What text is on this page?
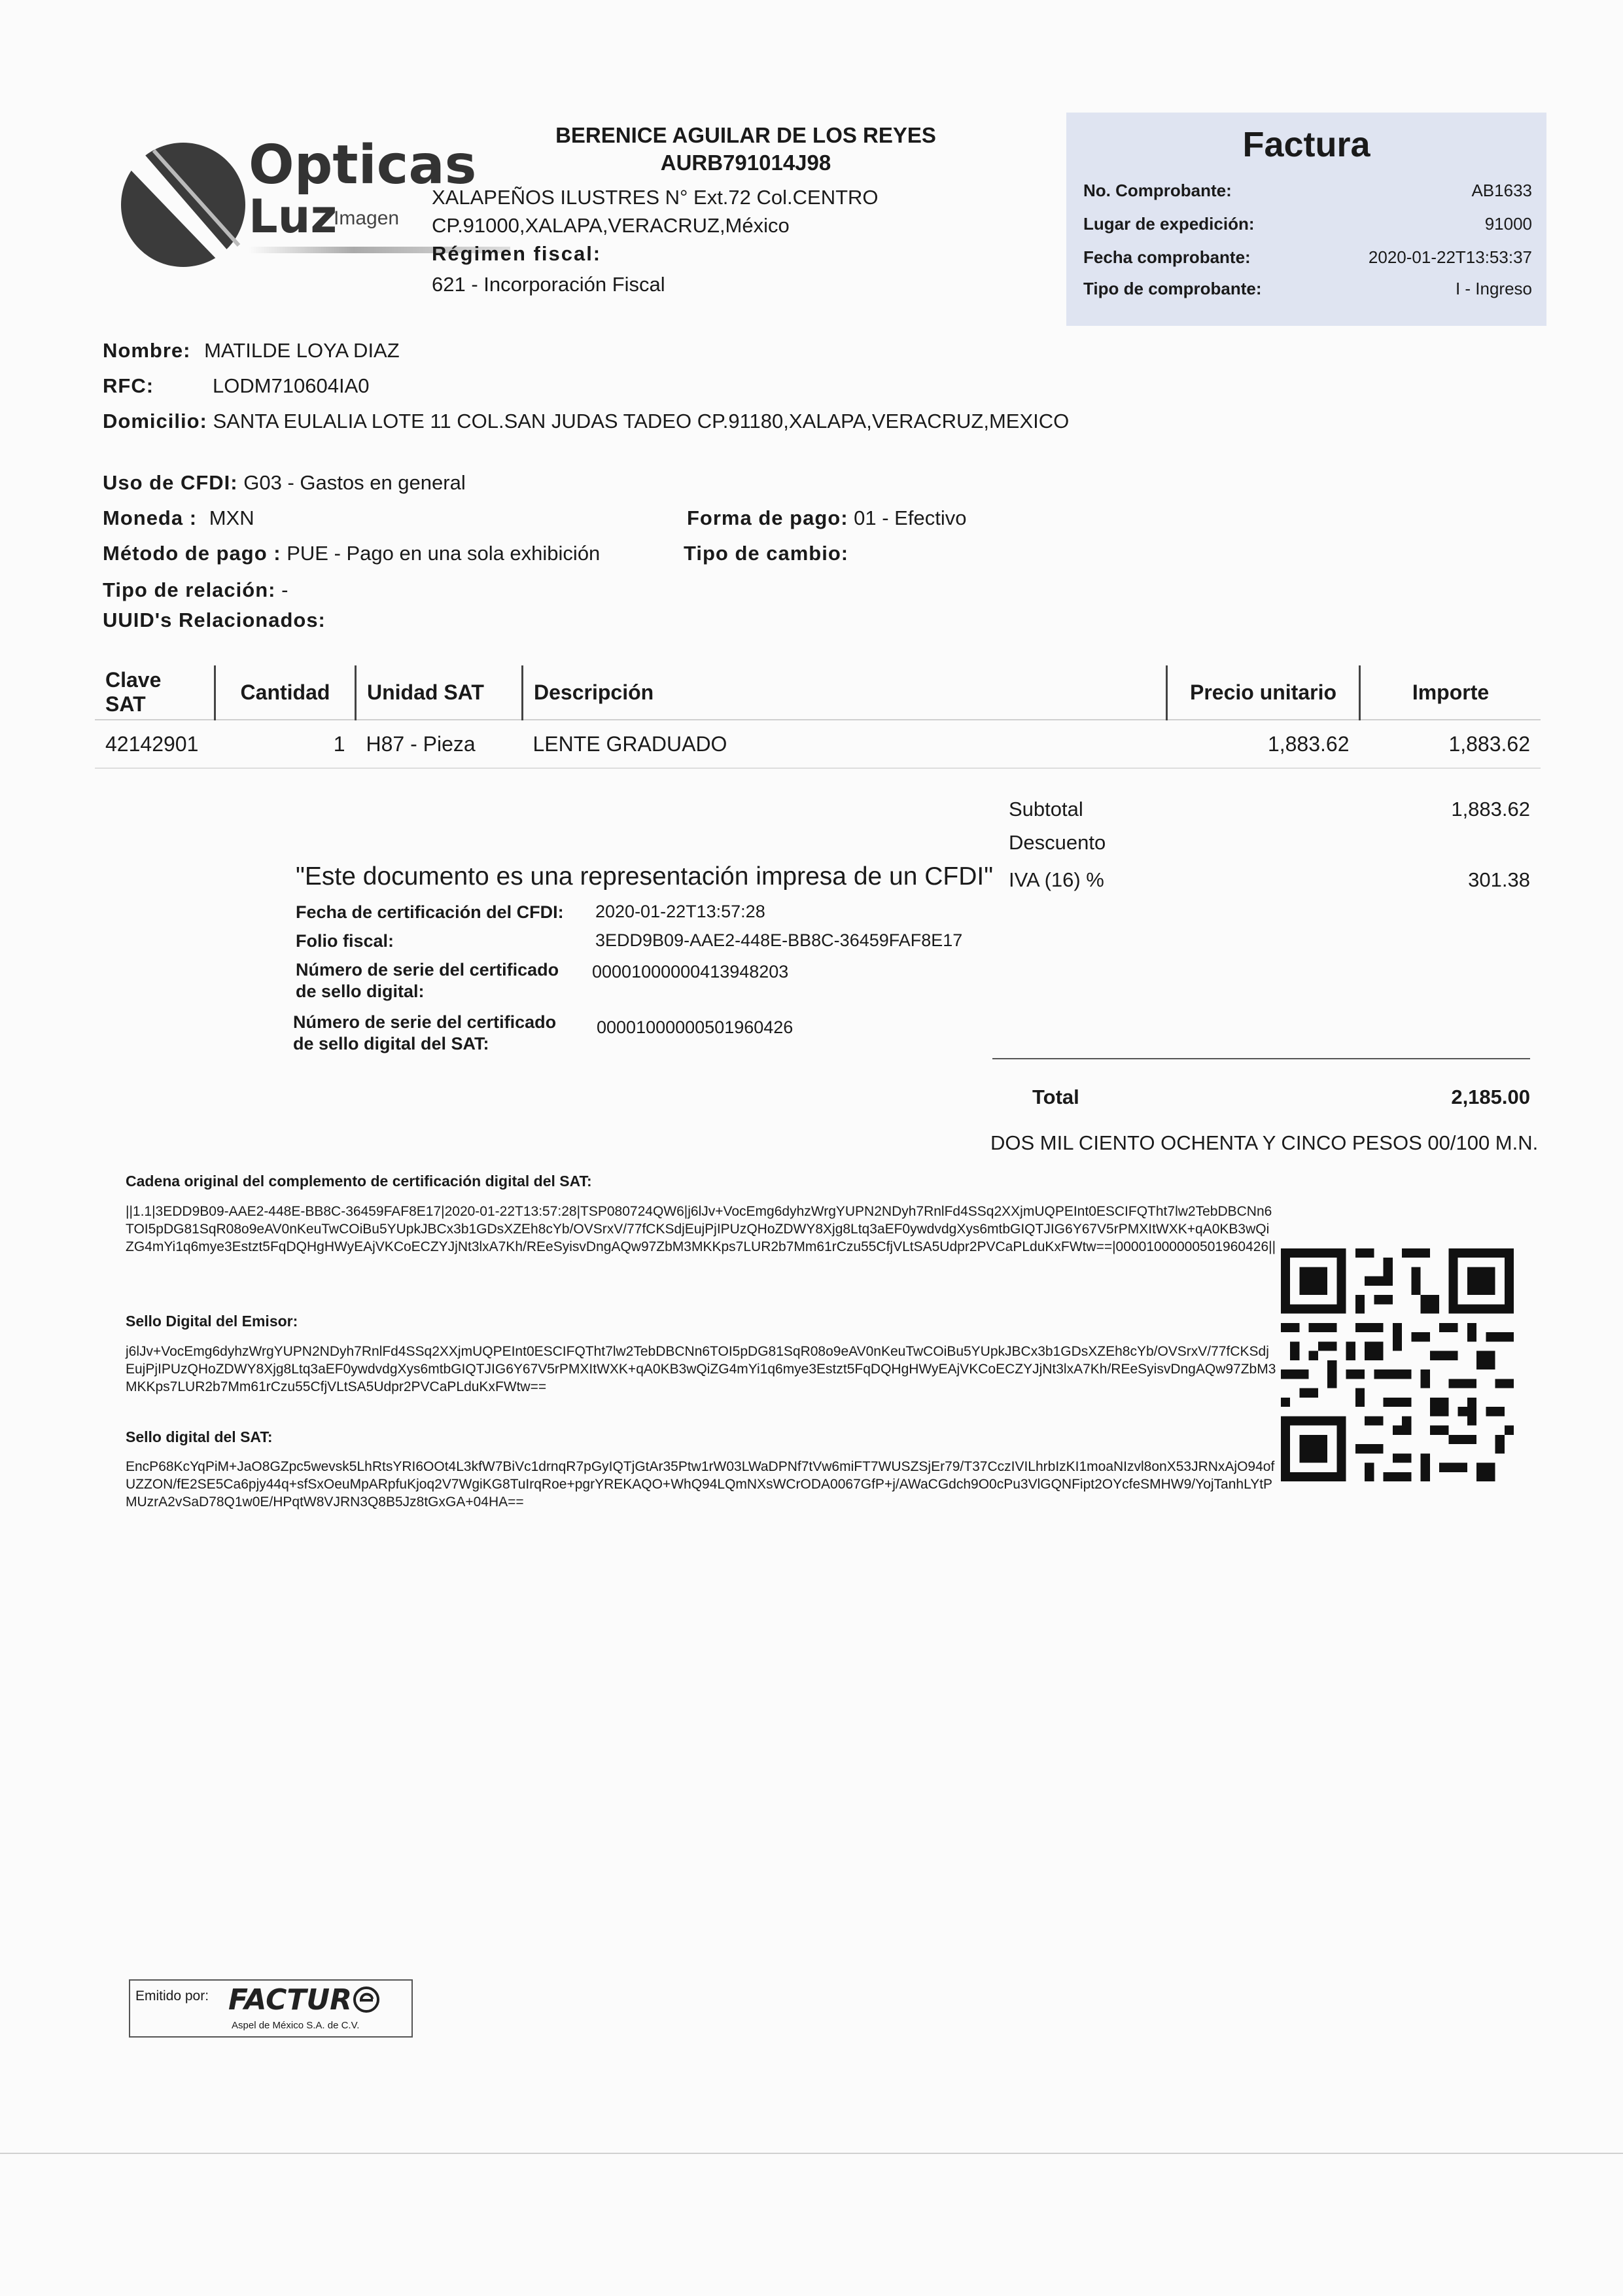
Opticas
Luz
Imagen
BERENICE AGUILAR DE LOS REYES
AURB791014J98
XALAPEÑOS ILUSTRES N° Ext.72 Col.CENTRO
CP.91000,XALAPA,VERACRUZ,México
Régimen fiscal:
621 - Incorporación Fiscal
Factura
No. Comprobante:	AB1633
Lugar de expedición:	91000
Fecha comprobante:	2020-01-22T13:53:37
Tipo de comprobante:	I - Ingreso
Nombre: MATILDE LOYA DIAZ
RFC:	LODM710604IA0
Domicilio: SANTA EULALIA LOTE 11 COL.SAN JUDAS TADEO CP.91180,XALAPA,VERACRUZ,MEXICO
Uso de CFDI: G03 - Gastos en general
Moneda : MXN	Forma de pago: 01 - Efectivo
Método de pago : PUE - Pago en una sola exhibición	Tipo de cambio:
Tipo de relación: -
UUID's Relacionados:
Clave SAT	Cantidad	Unidad SAT	Descripción	Precio unitario	Importe
42142901	1	H87 - Pieza	LENTE GRADUADO	1,883.62	1,883.62
Subtotal	1,883.62
Descuento
IVA (16) %	301.38
Total	2,185.00
DOS MIL CIENTO OCHENTA Y CINCO PESOS 00/100 M.N.
"Este documento es una representación impresa de un CFDI"
Fecha de certificación del CFDI: 2020-01-22T13:57:28
Folio fiscal:	3EDD9B09-AAE2-448E-BB8C-36459FAF8E17
Número de serie del certificado
de sello digital:
00001000000413948203
Número de serie del certificado
de sello digital del SAT:
00001000000501960426
Cadena original del complemento de certificación digital del SAT:
||1.1|3EDD9B09-AAE2-448E-BB8C-36459FAF8E17|2020-01-22T13:57:28|TSP080724QW6|j6lJv+VocEmg6dyhzWrgYUPN2NDyh7RnlFd4SSq2XXjmUQPEInt0ESCIFQTht7lw2TebDBCNn6TOI5pDG81SqR08o9eAV0nKeuTwCOiBu5YUpkJBCx3b1GDsXZEh8cYb/OVSrxV/77fCKSdjEujPjIPUzQHoZDWY8Xjg8Ltq3aEF0ywdvdgXys6mtbGIQTJIG6Y67V5rPMXItWXK+qA0KB3wQiZG4mYi1q6mye3Estzt5FqDQHgHWyEAjVKCoECZYJjNt3lxA7Kh/REeSyisvDngAQw97ZbM3MKKps7LUR2b7Mm61rCzu55CfjVLtSA5Udpr2PVCaPLduKxFWtw==|00001000000501960426||
Sello Digital del Emisor:
j6lJv+VocEmg6dyhzWrgYUPN2NDyh7RnlFd4SSq2XXjmUQPEInt0ESCIFQTht7lw2TebDBCNn6TOI5pDG81SqR08o9eAV0nKeuTwCOiBu5YUpkJBCx3b1GDsXZEh8cYb/OVSrxV/77fCKSdjEujPjIPUzQHoZDWY8Xjg8Ltq3aEF0ywdvdgXys6mtbGIQTJIG6Y67V5rPMXItWXK+qA0KB3wQiZG4mYi1q6mye3Estzt5FqDQHgHWyEAjVKCoECZYJjNt3lxA7Kh/REeSyisvDngAQw97ZbM3MKKps7LUR2b7Mm61rCzu55CfjVLtSA5Udpr2PVCaPLduKxFWtw==
Sello digital del SAT:
EncP68KcYqPiM+JaO8GZpc5wevsk5LhRtsYRI6OOt4L3kfW7BiVc1drnqR7pGyIQTjGtAr35Ptw1rW03LWaDPNf7tVw6miFT7WUSZSjEr79/T37CczIVILhrbIzKI1moaNIzvl8onX53JRNxAjO94ofUZZON/fE2SE5Ca6pjy44q+sfSxOeuMpARpfuKjoq2V7WgiKG8TuIrqRoe+pgrYREKAQO+WhQ94LQmNXsWCrODA0067GfP+j/AWaCGdch9O0cPu3VlGQNFipt2OYcfeSMHW9/YojTanhLYtPMUzrA2vSaD78Q1w0E/HPqtW8VJRN3Q8B5Jz8tGxGA+04HA==
Emitido por: FACTUR
Aspel de México S.A. de C.V.
